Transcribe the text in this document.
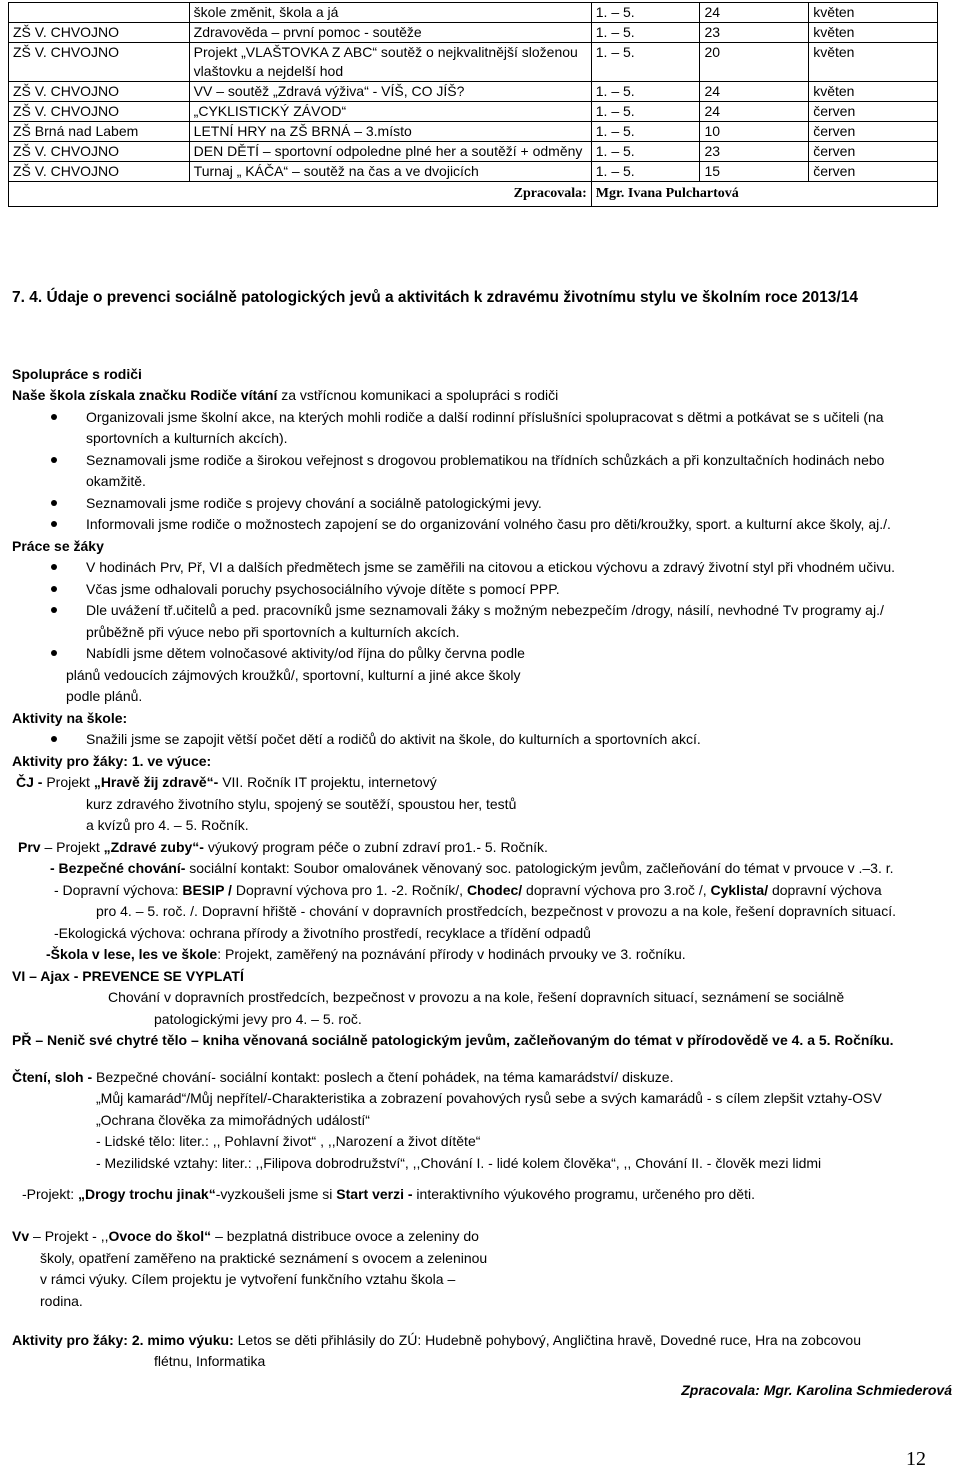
	škole změnit, škola a já	1. – 5.	24	květen
ZŠ V. CHVOJNO	Zdravověda – první pomoc - soutěže	1. – 5.	23	květen
ZŠ V. CHVOJNO	Projekt „VLAŠTOVKA Z ABC“ soutěž o nejkvalitnější složenou vlaštovku a nejdelší hod	1. – 5.	20	květen
ZŠ V. CHVOJNO	VV – soutěž „Zdravá výživa“ - VÍŠ, CO JÍŠ?	1. – 5.	24	květen
ZŠ V. CHVOJNO	„CYKLISTICKÝ ZÁVOD“	1. – 5.	24	červen
ZŠ Brná nad Labem	LETNÍ HRY na ZŠ BRNÁ – 3.místo	1. – 5.	10	červen
ZŠ V. CHVOJNO	DEN DĚTÍ – sportovní odpoledne plné her a soutěží + odměny	1. – 5.	23	červen
ZŠ V. CHVOJNO	Turnaj „ KÁČA“ – soutěž na čas a ve dvojicích	1. – 5.	15	červen
Zpracovala:		Mgr. Ivana Pulchartová		
7. 4. Údaje o prevenci sociálně patologických jevů a aktivitách k zdravému životnímu stylu ve školním roce 2013/14
Spolupráce s rodiči
Naše škola získala značku Rodiče vítání za vstřícnou komunikaci a spolupráci s rodiči
Organizovali jsme školní akce, na kterých mohli rodiče a další rodinní příslušníci spolupracovat s dětmi a potkávat se s učiteli (na
sportovních a kulturních akcích).
Seznamovali jsme rodiče a širokou veřejnost s drogovou problematikou na třídních schůzkách a při konzultačních hodinách nebo
okamžitě.
Seznamovali jsme rodiče s projevy chování a sociálně patologickými jevy.
Informovali jsme rodiče o možnostech zapojení se do organizování volného času pro děti/kroužky, sport. a kulturní akce školy, aj./.
Práce se žáky
V hodinách Prv, Př, VI a dalších předmětech jsme se zaměřili na citovou a etickou výchovu a zdravý životní styl při vhodném učivu.
Včas jsme odhalovali poruchy psychosociálního vývoje dítěte s pomocí PPP.
Dle uvážení tř.učitelů a ped. pracovníků jsme seznamovali žáky s možným nebezpečím /drogy, násilí, nevhodné Tv programy aj./
průběžně při výuce nebo při sportovních a kulturních akcích.
Nabídli jsme dětem volnočasové aktivity/od října do půlky června podle
plánů vedoucích zájmových kroužků/, sportovní, kulturní a jiné akce školy
podle plánů.
Aktivity na škole:
Snažili jsme se zapojit větší počet dětí a rodičů do aktivit na škole, do kulturních a sportovních akcí.
Aktivity pro žáky: 1. ve výuce:
ČJ - Projekt „Hravě žij zdravě“- VII. Ročník IT projektu, internetový
kurz zdravého životního stylu, spojený se soutěží, spoustou her, testů
a kvízů pro 4. – 5. Ročník.
Prv – Projekt „Zdravé zuby“- výukový program péče o zubní zdraví pro1.- 5. Ročník.
- Bezpečné chování- sociální kontakt: Soubor omalovánek věnovaný soc. patologickým jevům, začleňování do témat v prvouce v .–3. r.
- Dopravní výchova: BESIP / Dopravní výchova pro 1. -2. Ročník/, Chodec/ dopravní výchova pro 3.roč /, Cyklista/ dopravní výchova
pro 4. – 5. roč. /. Dopravní hřiště - chování v dopravních prostředcích, bezpečnost v provozu a na kole, řešení dopravních situací.
-Ekologická výchova: ochrana přírody a životního prostředí, recyklace a třídění odpadů
-Škola v lese, les ve škole: Projekt, zaměřený na poznávání přírody v hodinách prvouky ve 3. ročníku.
VI – Ajax - PREVENCE SE VYPLATÍ
Chování v dopravních prostředcích, bezpečnost v provozu a na kole, řešení dopravních situací, seznámení se sociálně
patologickými jevy pro 4. – 5. roč.
PŘ – Nenič své chytré tělo – kniha věnovaná sociálně patologickým jevům, začleňovaným do témat v přírodovědě ve 4. a 5. Ročníku.
Čtení, sloh - Bezpečné chování- sociální kontakt: poslech a čtení pohádek, na téma kamarádství/ diskuze.
„Můj kamarád“/Můj nepřítel/-Charakteristika a zobrazení povahových rysů sebe a svých kamarádů - s cílem zlepšit vztahy-OSV
„Ochrana člověka za mimořádných událostí“
- Lidské tělo: liter.: ,, Pohlavní život“ , ,,Narození a život dítěte“
- Mezilidské vztahy: liter.: ,,Filipova dobrodružství“, ,,Chování I. - lidé kolem člověka“, ,, Chování II. - člověk mezi lidmi
-Projekt: „Drogy trochu jinak“-vyzkoušeli jsme si Start verzi - interaktivního výukového programu, určeného pro děti.
Vv – Projekt - ,,Ovoce do škol“ – bezplatná distribuce ovoce a zeleniny do
školy, opatření zaměřeno na praktické seznámení s ovocem a zeleninou
v rámci výuky. Cílem projektu je vytvoření funkčního vztahu škola –
rodina.
Aktivity pro žáky: 2. mimo výuku: Letos se děti přihlásily do ZÚ: Hudebně pohybový, Angličtina hravě, Dovedné ruce, Hra na zobcovou
flétnu, Informatika
Zpracovala: Mgr. Karolina Schmiederová
12
